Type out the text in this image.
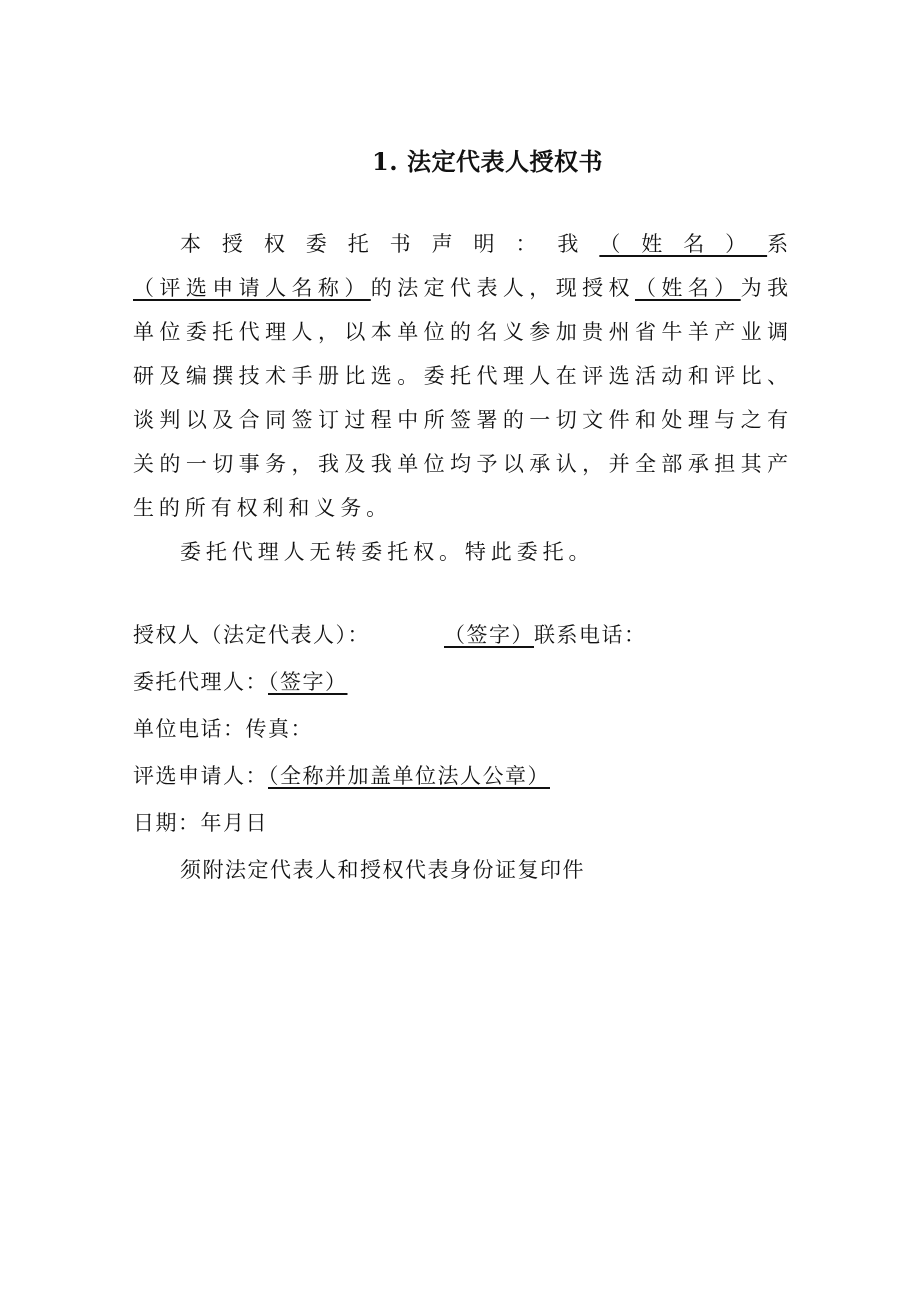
1. 法定代表人授权书

本授权委托书声明：我（姓名）系（评选申请人名称）的法定代表人，现授权（姓名）为我单位委托代理人，以本单位的名义参加贵州省牛羊产业调研及编撰技术手册比选。委托代理人在评选活动和评比、谈判以及合同签订过程中所签署的一切文件和处理与之有关的一切事务，我及我单位均予以承认，并全部承担其产生的所有权利和义务。

委托代理人无转委托权。特此委托。

授权人（法定代表人）：	（签字）联系电话：

委托代理人：（签字）

单位电话：传真：

评选申请人：（全称并加盖单位法人公章）

日期：年月日

须附法定代表人和授权代表身份证复印件
